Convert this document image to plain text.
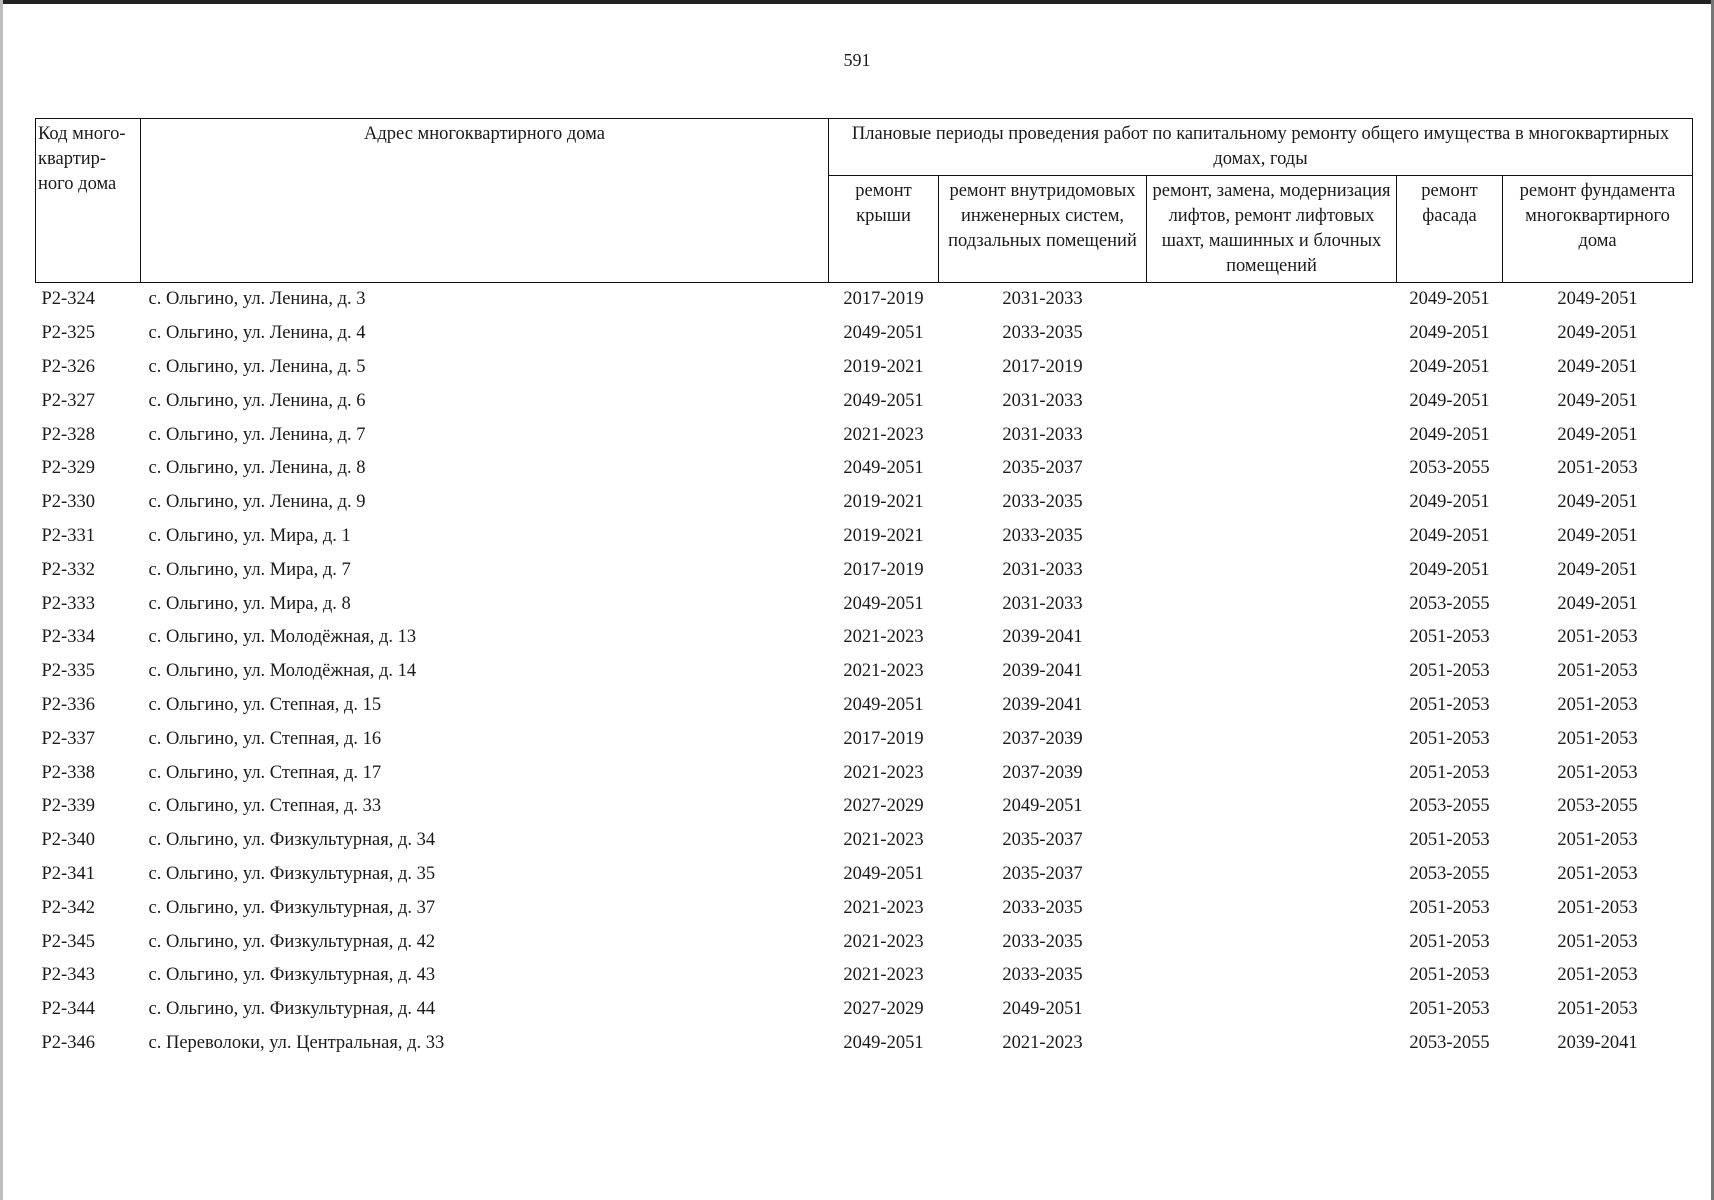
591
Код много-квартир-ного дома	Адрес многоквартирного дома	Плановые периоды проведения работ по капитальному ремонту общего имущества в многоквартирных домах, годы				
		ремонт крыши	ремонт внутридомовых инженерных систем, подзальных помещений	ремонт, замена, модернизация лифтов, ремонт лифтовых шахт, машинных и блочных помещений	ремонт фасада	ремонт фундамента многоквартирного дома
Р2-324	с. Ольгино, ул. Ленина, д. 3	2017-2019	2031-2033		2049-2051	2049-2051
Р2-325	с. Ольгино, ул. Ленина, д. 4	2049-2051	2033-2035		2049-2051	2049-2051
Р2-326	с. Ольгино, ул. Ленина, д. 5	2019-2021	2017-2019		2049-2051	2049-2051
Р2-327	с. Ольгино, ул. Ленина, д. 6	2049-2051	2031-2033		2049-2051	2049-2051
Р2-328	с. Ольгино, ул. Ленина, д. 7	2021-2023	2031-2033		2049-2051	2049-2051
Р2-329	с. Ольгино, ул. Ленина, д. 8	2049-2051	2035-2037		2053-2055	2051-2053
Р2-330	с. Ольгино, ул. Ленина, д. 9	2019-2021	2033-2035		2049-2051	2049-2051
Р2-331	с. Ольгино, ул. Мира, д. 1	2019-2021	2033-2035		2049-2051	2049-2051
Р2-332	с. Ольгино, ул. Мира, д. 7	2017-2019	2031-2033		2049-2051	2049-2051
Р2-333	с. Ольгино, ул. Мира, д. 8	2049-2051	2031-2033		2053-2055	2049-2051
Р2-334	с. Ольгино, ул. Молодёжная, д. 13	2021-2023	2039-2041		2051-2053	2051-2053
Р2-335	с. Ольгино, ул. Молодёжная, д. 14	2021-2023	2039-2041		2051-2053	2051-2053
Р2-336	с. Ольгино, ул. Степная, д. 15	2049-2051	2039-2041		2051-2053	2051-2053
Р2-337	с. Ольгино, ул. Степная, д. 16	2017-2019	2037-2039		2051-2053	2051-2053
Р2-338	с. Ольгино, ул. Степная, д. 17	2021-2023	2037-2039		2051-2053	2051-2053
Р2-339	с. Ольгино, ул. Степная, д. 33	2027-2029	2049-2051		2053-2055	2053-2055
Р2-340	с. Ольгино, ул. Физкультурная, д. 34	2021-2023	2035-2037		2051-2053	2051-2053
Р2-341	с. Ольгино, ул. Физкультурная, д. 35	2049-2051	2035-2037		2053-2055	2051-2053
Р2-342	с. Ольгино, ул. Физкультурная, д. 37	2021-2023	2033-2035		2051-2053	2051-2053
Р2-345	с. Ольгино, ул. Физкультурная, д. 42	2021-2023	2033-2035		2051-2053	2051-2053
Р2-343	с. Ольгино, ул. Физкультурная, д. 43	2021-2023	2033-2035		2051-2053	2051-2053
Р2-344	с. Ольгино, ул. Физкультурная, д. 44	2027-2029	2049-2051		2051-2053	2051-2053
Р2-346	с. Переволоки, ул. Центральная, д. 33	2049-2051	2021-2023		2053-2055	2039-2041
